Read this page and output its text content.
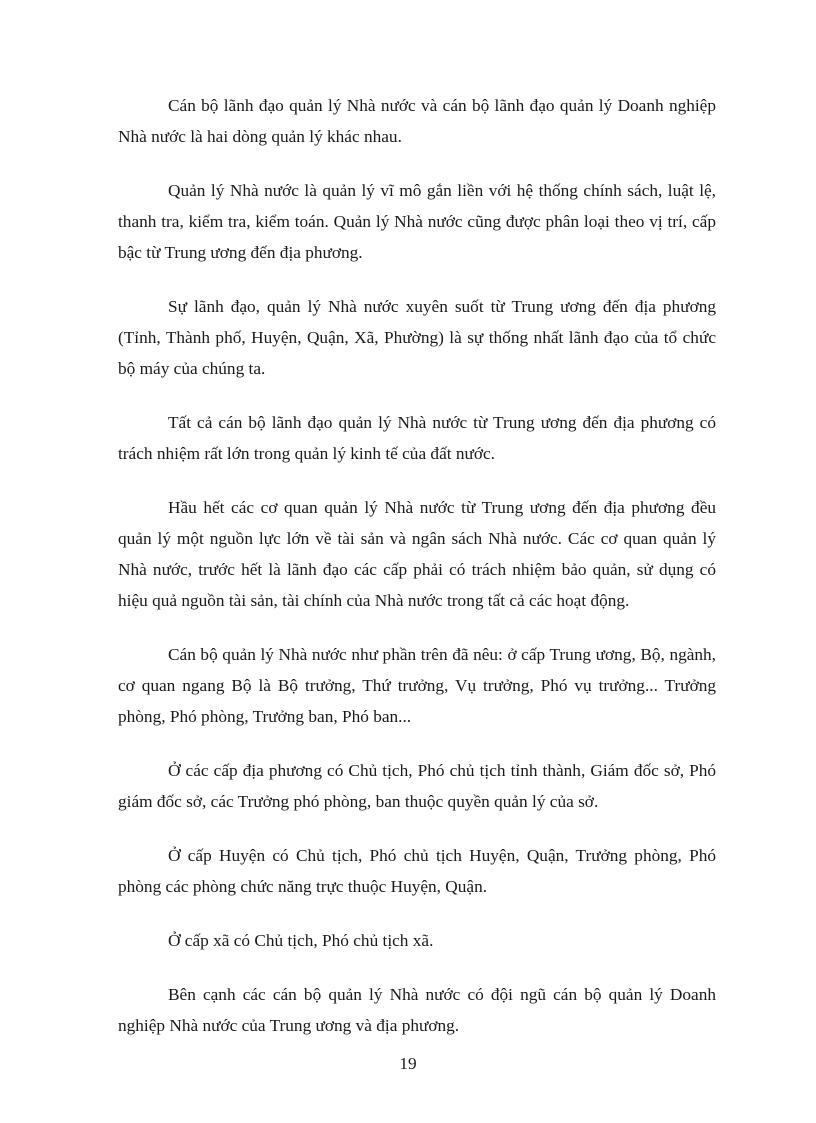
Cán bộ lãnh đạo quản lý Nhà nước và cán bộ lãnh đạo quản lý Doanh nghiệp Nhà nước là hai dòng quản lý khác nhau.

Quản lý Nhà nước là quản lý vĩ mô gắn liền với hệ thống chính sách, luật lệ, thanh tra, kiểm tra, kiểm toán. Quản lý Nhà nước cũng được phân loại theo vị trí, cấp bậc từ Trung ương đến địa phương.

Sự lãnh đạo, quản lý Nhà nước xuyên suốt từ Trung ương đến địa phương (Tỉnh, Thành phố, Huyện, Quận, Xã, Phường) là sự thống nhất lãnh đạo của tổ chức bộ máy của chúng ta.

Tất cả cán bộ lãnh đạo quản lý Nhà nước từ Trung ương đến địa phương có trách nhiệm rất lớn trong quản lý kinh tế của đất nước.

Hầu hết các cơ quan quản lý Nhà nước từ Trung ương đến địa phương đều quản lý một nguồn lực lớn về tài sản và ngân sách Nhà nước. Các cơ quan quản lý Nhà nước, trước hết là lãnh đạo các cấp phải có trách nhiệm bảo quản, sử dụng có hiệu quả nguồn tài sản, tài chính của Nhà nước trong tất cả các hoạt động.

Cán bộ quản lý Nhà nước như phần trên đã nêu: ở cấp Trung ương, Bộ, ngành, cơ quan ngang Bộ là Bộ trưởng, Thứ trưởng, Vụ trưởng, Phó vụ trưởng... Trưởng phòng, Phó phòng, Trưởng ban, Phó ban...

Ở các cấp địa phương có Chủ tịch, Phó chủ tịch tỉnh thành, Giám đốc sở, Phó giám đốc sở, các Trưởng phó phòng, ban thuộc quyền quản lý của sở.

Ở cấp Huyện có Chủ tịch, Phó chủ tịch Huyện, Quận, Trưởng phòng, Phó phòng các phòng chức năng trực thuộc Huyện, Quận.

Ở cấp xã có Chủ tịch, Phó chủ tịch xã.

Bên cạnh các cán bộ quản lý Nhà nước có đội ngũ cán bộ quản lý Doanh nghiệp Nhà nước của Trung ương và địa phương.

19
